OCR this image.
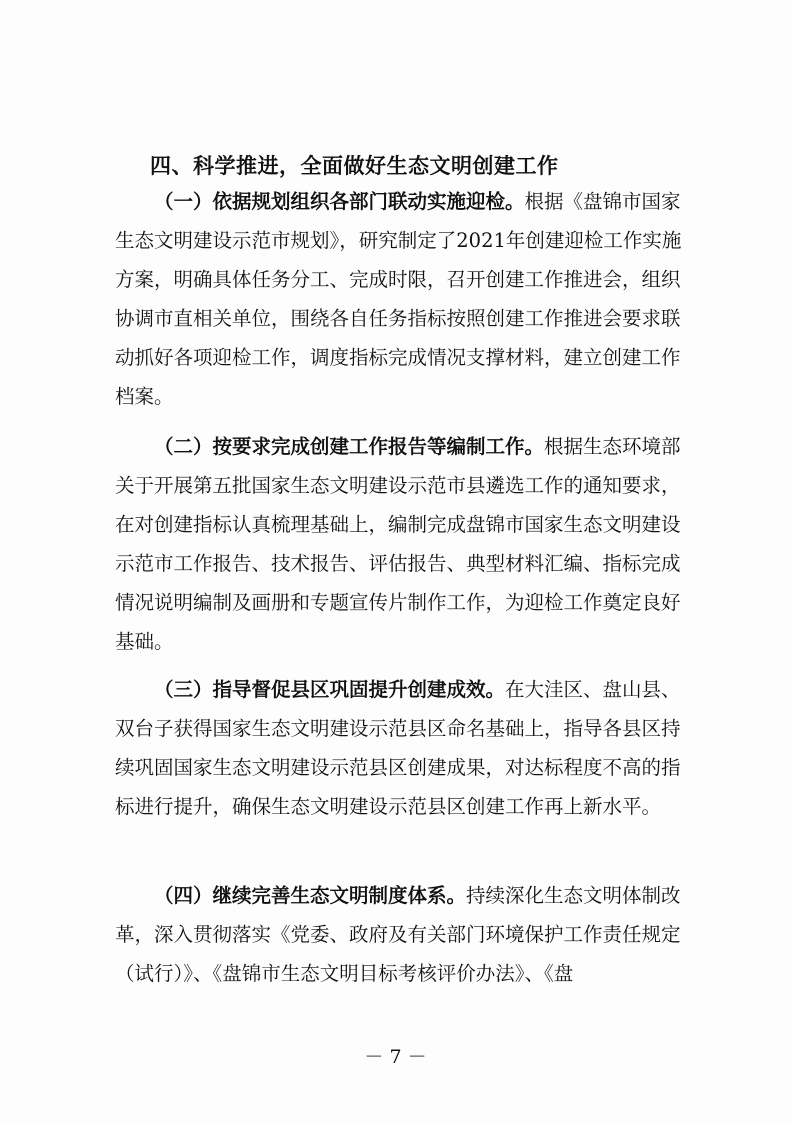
四、科学推进，全面做好生态文明创建工作

（一）依据规划组织各部门联动实施迎检。根据《盘锦市国家生态文明建设示范市规划》，研究制定了2021年创建迎检工作实施方案，明确具体任务分工、完成时限，召开创建工作推进会，组织协调市直相关单位，围绕各自任务指标按照创建工作推进会要求联动抓好各项迎检工作，调度指标完成情况支撑材料，建立创建工作档案。

（二）按要求完成创建工作报告等编制工作。根据生态环境部关于开展第五批国家生态文明建设示范市县遴选工作的通知要求，在对创建指标认真梳理基础上，编制完成盘锦市国家生态文明建设示范市工作报告、技术报告、评估报告、典型材料汇编、指标完成情况说明编制及画册和专题宣传片制作工作，为迎检工作奠定良好基础。

（三）指导督促县区巩固提升创建成效。在大洼区、盘山县、双台子获得国家生态文明建设示范县区命名基础上，指导各县区持续巩固国家生态文明建设示范县区创建成果，对达标程度不高的指标进行提升，确保生态文明建设示范县区创建工作再上新水平。

（四）继续完善生态文明制度体系。持续深化生态文明体制改革，深入贯彻落实《党委、政府及有关部门环境保护工作责任规定（试行）》、《盘锦市生态文明目标考核评价办法》、《盘

－ 7 －
